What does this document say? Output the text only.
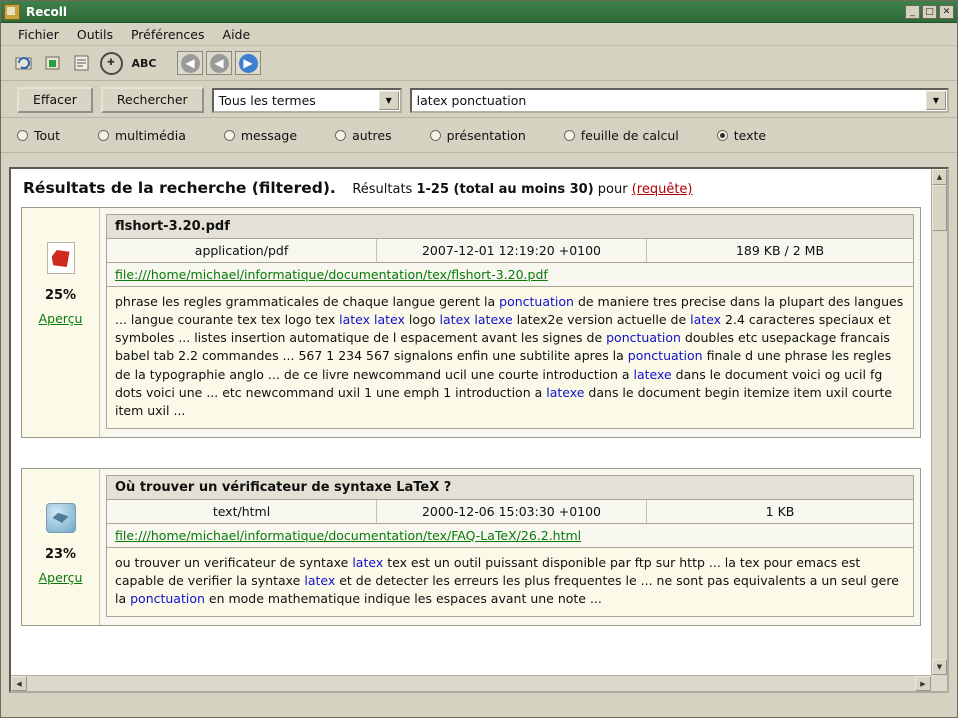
Recoll	_	□ ✕
Fichier	Outils	Préférences	Aide
✚	ABC	◀	◀	▶
Effacer	Rechercher	Tous les termes	▼	latex ponctuation	▼
Tout	multimédia	message	autres	présentation	feuille de calcul	texte
Résultats de la recherche (filtered). Résultats 1-25 (total au moins 30) pour (requête)
25%
Aperçu
flshort-3.20.pdf
application/pdf	2007-12-01 12:19:20 +0100	189 KB / 2 MB
file:///home/michael/informatique/documentation/tex/flshort-3.20.pdf
phrase les regles grammaticales de chaque langue gerent la ponctuation de maniere tres precise dans la plupart des langues ... langue courante tex tex logo tex latex latex logo latex latexe latex2e version actuelle de latex 2.4 caracteres speciaux et symboles ... listes insertion automatique de l espacement avant les signes de ponctuation doubles etc usepackage francais babel tab 2.2 commandes ... 567 1 234 567 signalons enfin une subtilite apres la ponctuation finale d une phrase les regles de la typographie anglo ... de ce livre newcommand ucil une courte introduction a latexe dans le document voici og ucil fg dots voici une ... etc newcommand uxil 1 une emph 1 introduction a latexe dans le document begin itemize item uxil courte item uxil ...
23%
Aperçu
Où trouver un vérificateur de syntaxe LaTeX ?
text/html	2000-12-06 15:03:30 +0100	1 KB
file:///home/michael/informatique/documentation/tex/FAQ-LaTeX/26.2.html
ou trouver un verificateur de syntaxe latex tex est un outil puissant disponible par ftp sur http ... la tex pour emacs est capable de verifier la syntaxe latex et de detecter les erreurs les plus frequentes le ... ne sont pas equivalents a un seul gere la ponctuation en mode mathematique indique les espaces avant une note ...
▲
▼
◀	▶
